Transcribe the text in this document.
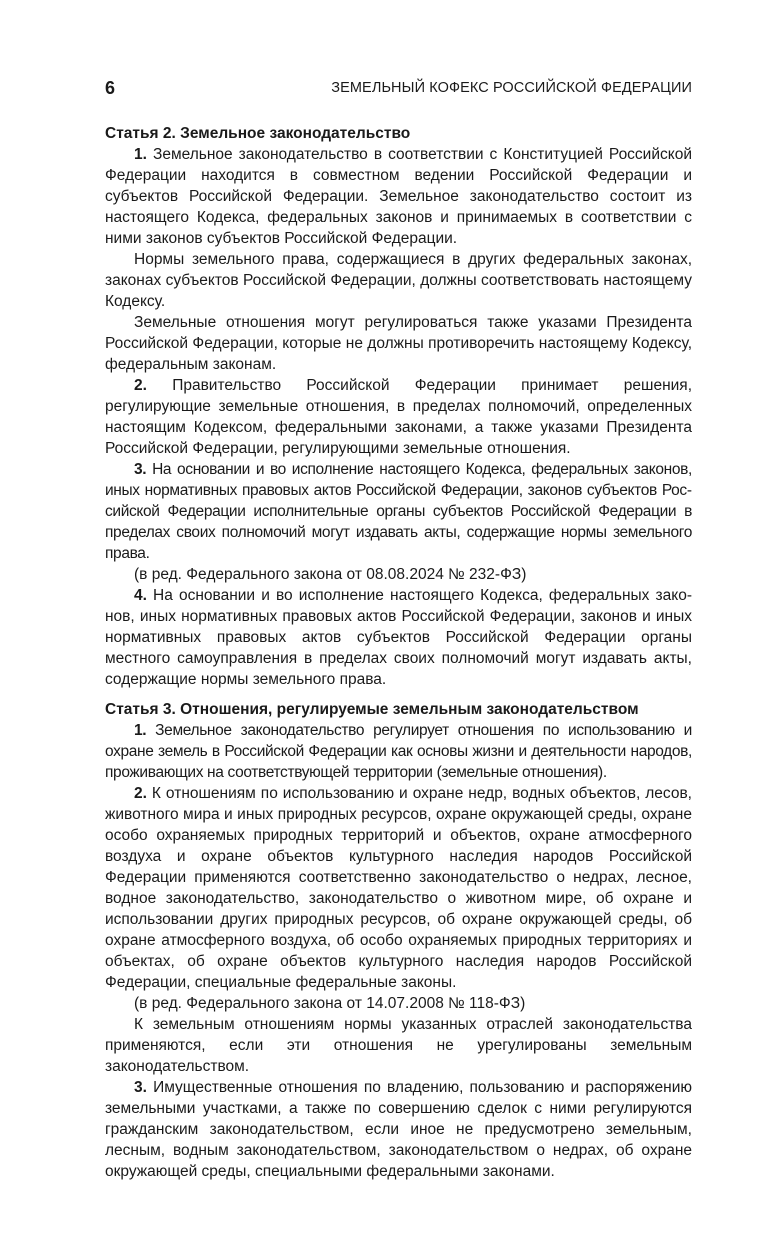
6	ЗЕМЕЛЬНЫЙ КОФЕКС РОССИЙСКОЙ ФЕДЕРАЦИИ

Статья 2. Земельное законодательство

1. Земельное законодательство в соответствии с Конституцией Российской Федерации находится в совместном ведении Российской Федерации и субъектов Российской Федерации. Земельное законодательство состоит из настоящего Кодекса, федеральных законов и принимаемых в соответствии с ними законов субъектов Российской Федерации.

Нормы земельного права, содержащиеся в других федеральных законах, законах субъектов Российской Федерации, должны соответствовать настоящему Кодексу.

Земельные отношения могут регулироваться также указами Президента Российской Федерации, которые не должны противоречить настоящему Кодексу, федеральным законам.

2. Правительство Российской Федерации принимает решения, регулирующие земельные отношения, в пределах полномочий, определенных настоящим Кодексом, федеральными законами, а также указами Президента Российской Федерации, регулирующими земельные отношения.

3. На основании и во исполнение настоящего Кодекса, федеральных законов, иных нормативных правовых актов Российской Федерации, законов субъектов Российской Федерации исполнительные органы субъектов Российской Федерации в пределах своих полномочий могут издавать акты, содержащие нормы земельного права.

(в ред. Федерального закона от 08.08.2024 № 232-ФЗ)

4. На основании и во исполнение настоящего Кодекса, федеральных законов, иных нормативных правовых актов Российской Федерации, законов и иных нормативных правовых актов субъектов Российской Федерации органы местного самоуправления в пределах своих полномочий могут издавать акты, содержащие нормы земельного права.

Статья 3. Отношения, регулируемые земельным законодательством

1. Земельное законодательство регулирует отношения по использованию и охране земель в Российской Федерации как основы жизни и деятельности народов, проживающих на соответствующей территории (земельные отношения).

2. К отношениям по использованию и охране недр, водных объектов, лесов, животного мира и иных природных ресурсов, охране окружающей среды, охране особо охраняемых природных территорий и объектов, охране атмосферного воздуха и охране объектов культурного наследия народов Российской Федерации применяются соответственно законодательство о недрах, лесное, водное законодательство, законодательство о животном мире, об охране и использовании других природных ресурсов, об охране окружающей среды, об охране атмосферного воздуха, об особо охраняемых природных территориях и объектах, об охране объектов культурного наследия народов Российской Федерации, специальные федеральные законы.

(в ред. Федерального закона от 14.07.2008 № 118-ФЗ)

К земельным отношениям нормы указанных отраслей законодательства применяются, если эти отношения не урегулированы земельным законодательством.

3. Имущественные отношения по владению, пользованию и распоряжению земельными участками, а также по совершению сделок с ними регулируются гражданским законодательством, если иное не предусмотрено земельным, лесным, водным законодательством, законодательством о недрах, об охране окружающей среды, специальными федеральными законами.
